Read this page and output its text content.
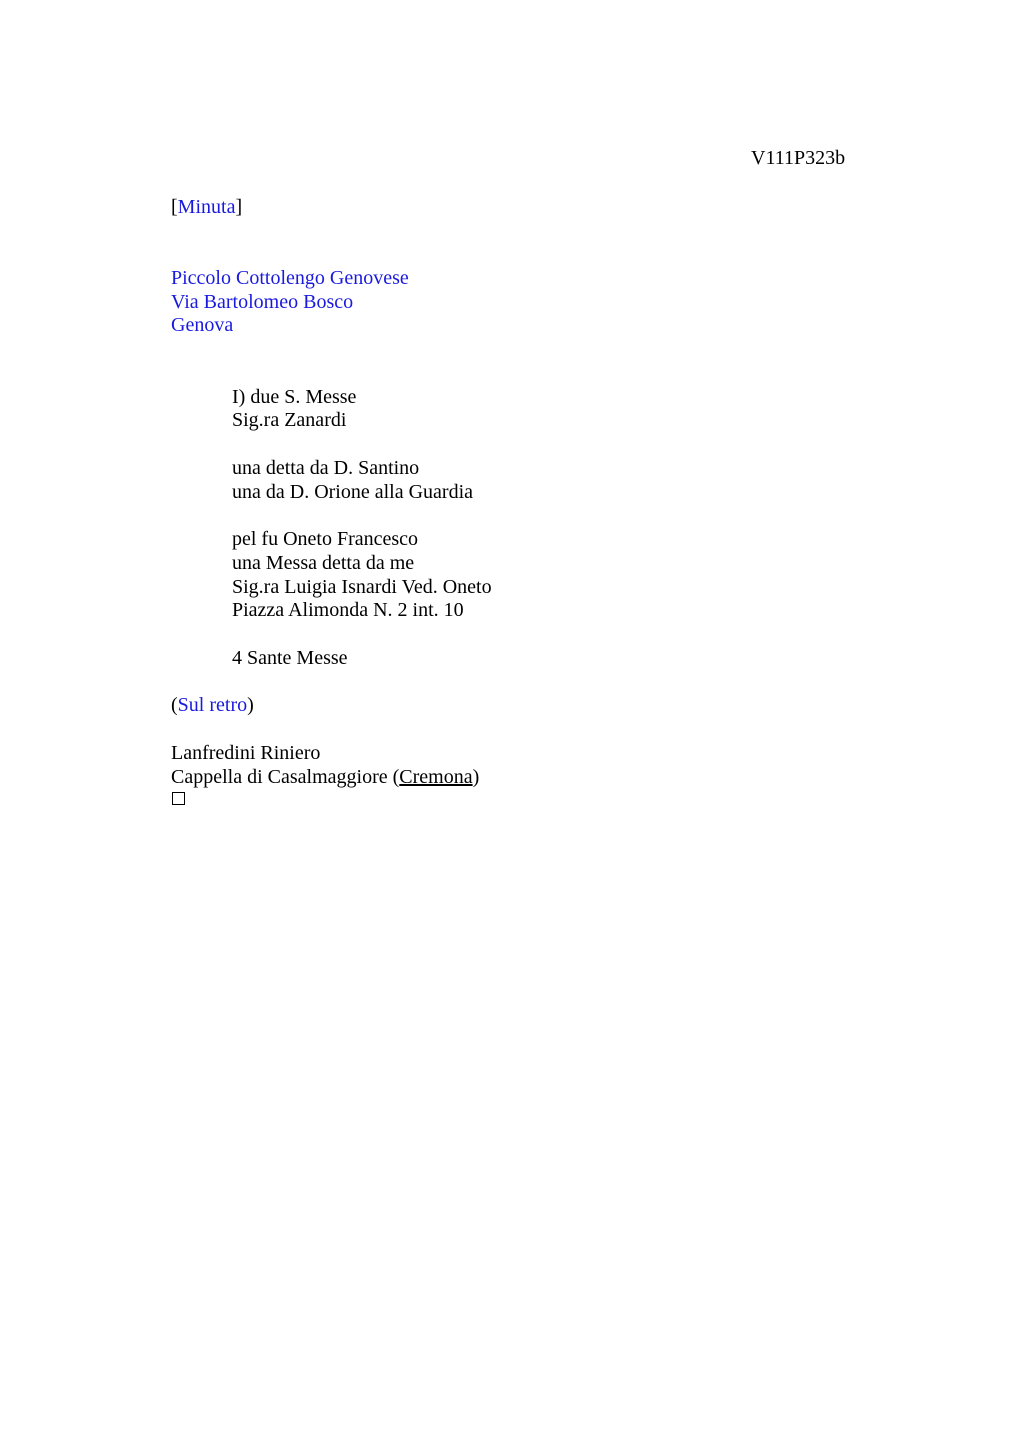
V111P323b
[Minuta]
Piccolo Cottolengo Genovese
Via Bartolomeo Bosco
Genova
I) due S. Messe
Sig.ra Zanardi
una detta da D. Santino
una da D. Orione alla Guardia
pel fu Oneto Francesco
una Messa detta da me
Sig.ra Luigia Isnardi Ved. Oneto
Piazza Alimonda N. 2 int. 10
4 Sante Messe
(Sul retro)
Lanfredini Riniero
Cappella di Casalmaggiore (Cremona)
